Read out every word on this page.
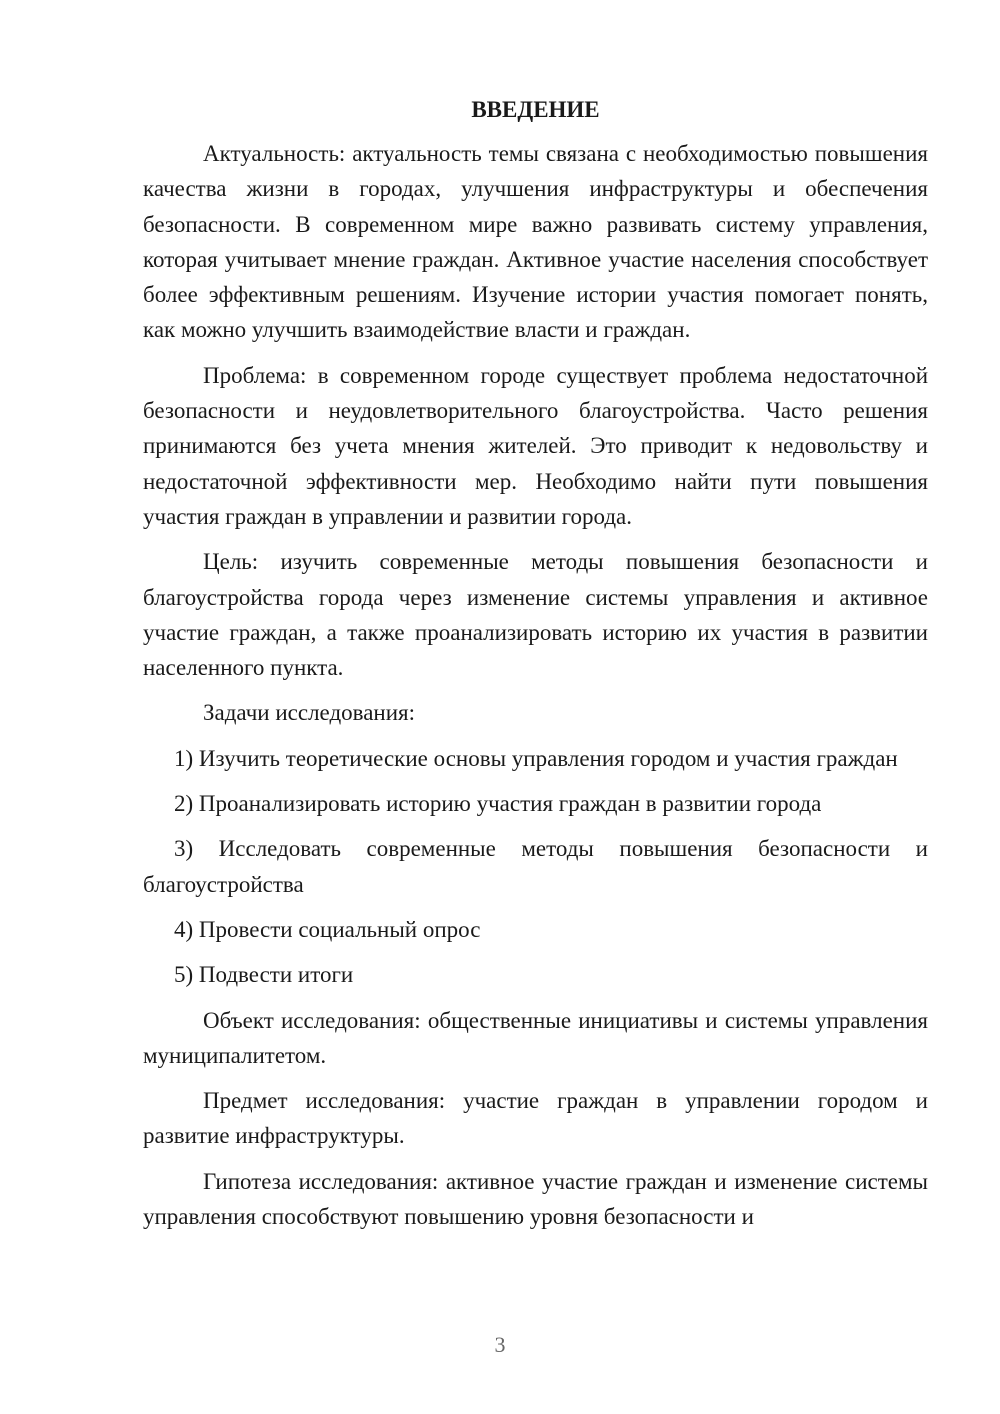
ВВЕДЕНИЕ

Актуальность: актуальность темы связана с необходимостью повышения качества жизни в городах, улучшения инфраструктуры и обеспечения безопасности. В современном мире важно развивать систему управления, которая учитывает мнение граждан. Активное участие населения способствует более эффективным решениям. Изучение истории участия помогает понять, как можно улучшить взаимодействие власти и граждан.

Проблема: в современном городе существует проблема недостаточной безопасности и неудовлетворительного благоустройства. Часто решения принимаются без учета мнения жителей. Это приводит к недовольству и недостаточной эффективности мер. Необходимо найти пути повышения участия граждан в управлении и развитии города.

Цель: изучить современные методы повышения безопасности и благоустройства города через изменение системы управления и активное участие граждан, а также проанализировать историю их участия в развитии населенного пункта.

Задачи исследования:

1) Изучить теоретические основы управления городом и участия граждан

2) Проанализировать историю участия граждан в развитии города

3) Исследовать современные методы повышения безопасности и благоустройства

4) Провести социальный опрос

5) Подвести итоги

Объект исследования: общественные инициативы и системы управления муниципалитетом.

Предмет исследования: участие граждан в управлении городом и развитие инфраструктуры.

Гипотеза исследования: активное участие граждан и изменение системы управления способствуют повышению уровня безопасности и

3
